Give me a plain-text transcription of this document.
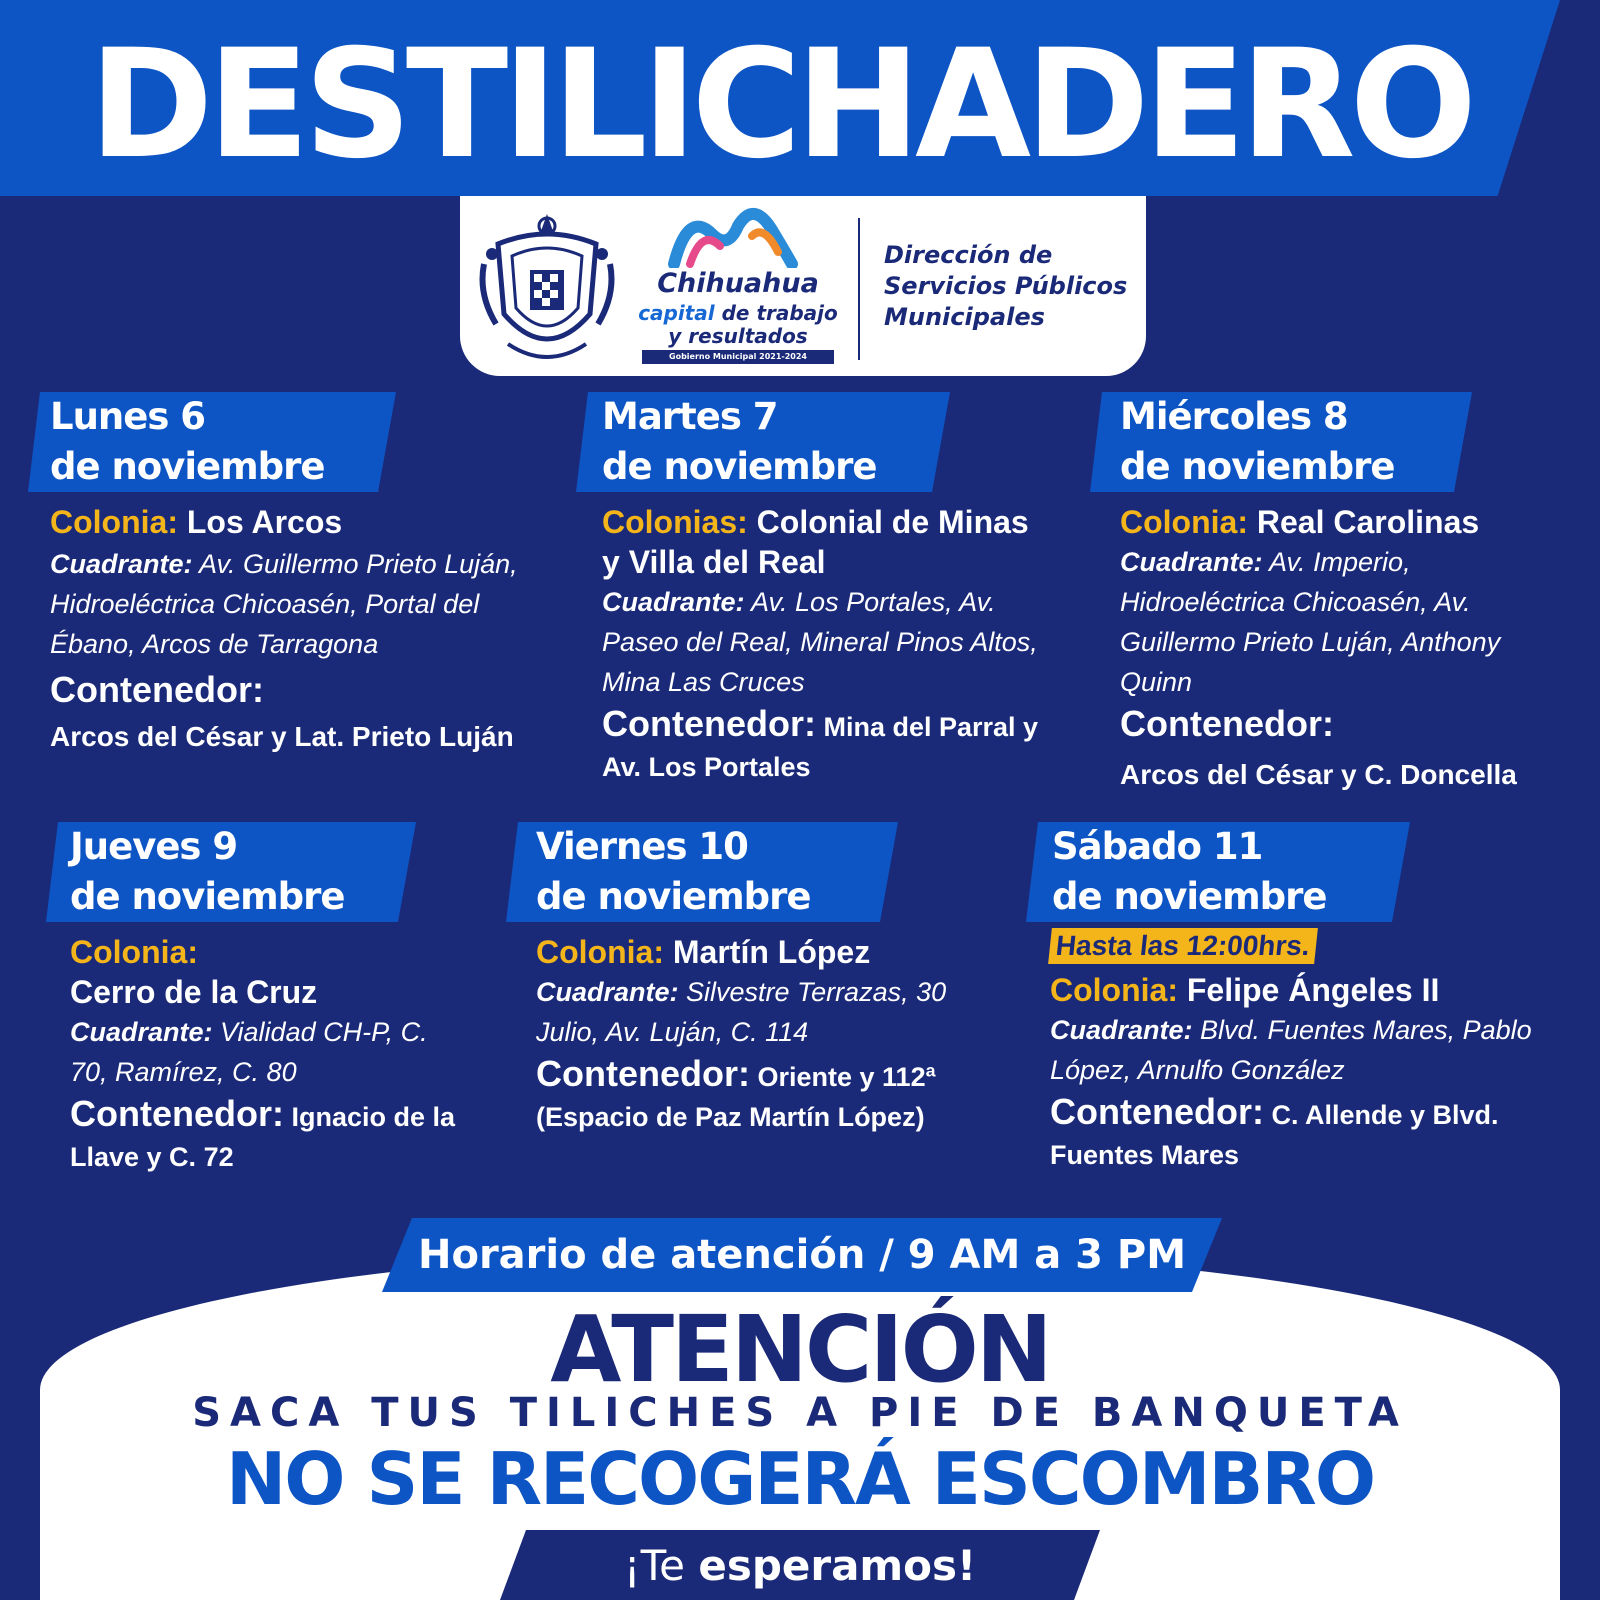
DESTILICHADERO
Chihuahua
capital de trabajo
y resultados
Gobierno Municipal 2021-2024
Dirección de
Servicios Públicos
Municipales
Lunes 6
de noviembre
Colonia: Los Arcos
Cuadrante: Av. Guillermo Prieto Luján, Hidroeléctrica Chicoasén, Portal del Ébano, Arcos de Tarragona
Contenedor:
Arcos del César y Lat. Prieto Luján
Martes 7
de noviembre
Colonias: Colonial de Minas y Villa del Real
Cuadrante: Av. Los Portales, Av. Paseo del Real, Mineral Pinos Altos, Mina Las Cruces
Contenedor: Mina del Parral y Av. Los Portales
Miércoles 8
de noviembre
Colonia: Real Carolinas
Cuadrante: Av. Imperio, Hidroeléctrica Chicoasén, Av. Guillermo Prieto Luján, Anthony Quinn
Contenedor:
Arcos del César y C. Doncella
Jueves 9
de noviembre
Colonia:
Cerro de la Cruz
Cuadrante: Vialidad CH-P, C. 70, Ramírez, C. 80
Contenedor: Ignacio de la Llave y C. 72
Viernes 10
de noviembre
Colonia: Martín López
Cuadrante: Silvestre Terrazas, 30 Julio, Av. Luján, C. 114
Contenedor: Oriente y 112ª (Espacio de Paz Martín López)
Sábado 11
de noviembre
Hasta las 12:00hrs.
Colonia: Felipe Ángeles II
Cuadrante: Blvd. Fuentes Mares, Pablo López, Arnulfo González
Contenedor: C. Allende y Blvd. Fuentes Mares
Horario de atención / 9 AM a 3 PM
ATENCIÓN
SACA TUS TILICHES A PIE DE BANQUETA
NO SE RECOGERÁ ESCOMBRO
¡Te esperamos!
